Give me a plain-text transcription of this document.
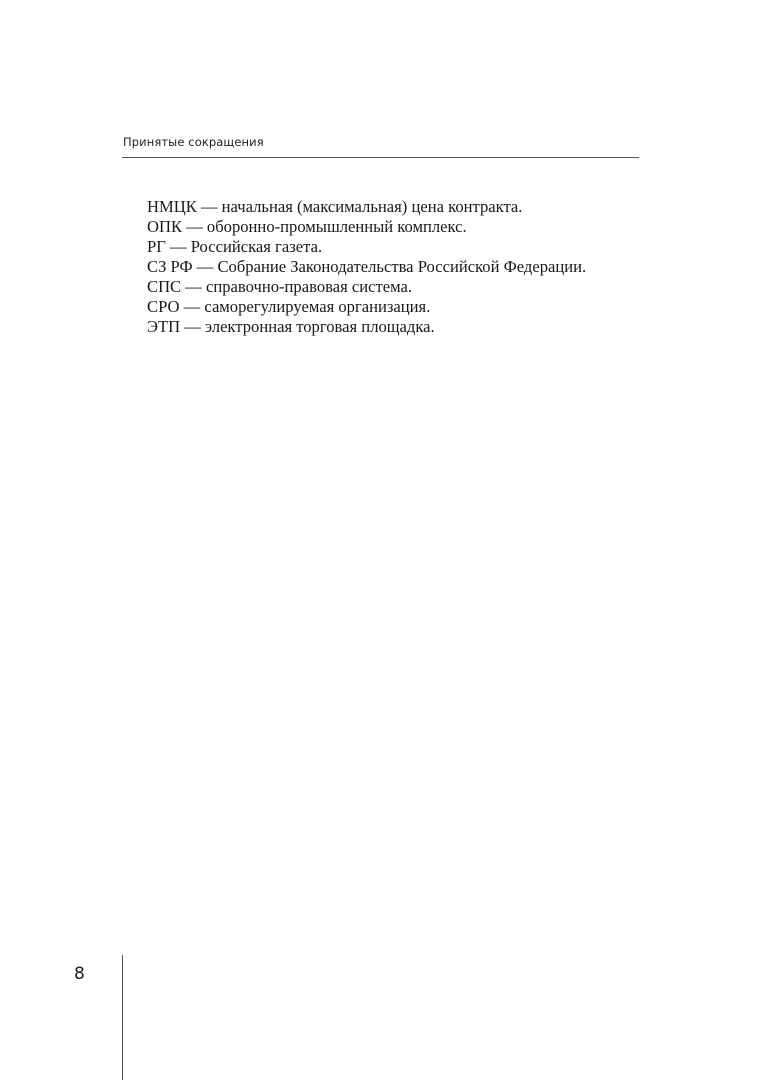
Принятые сокращения
НМЦК — начальная (максимальная) цена контракта.
ОПК — оборонно-промышленный комплекс.
РГ — Российская газета.
СЗ РФ — Собрание Законодательства Российской Федерации.
СПС — справочно-правовая система.
СРО — саморегулируемая организация.
ЭТП — электронная торговая площадка.
8
